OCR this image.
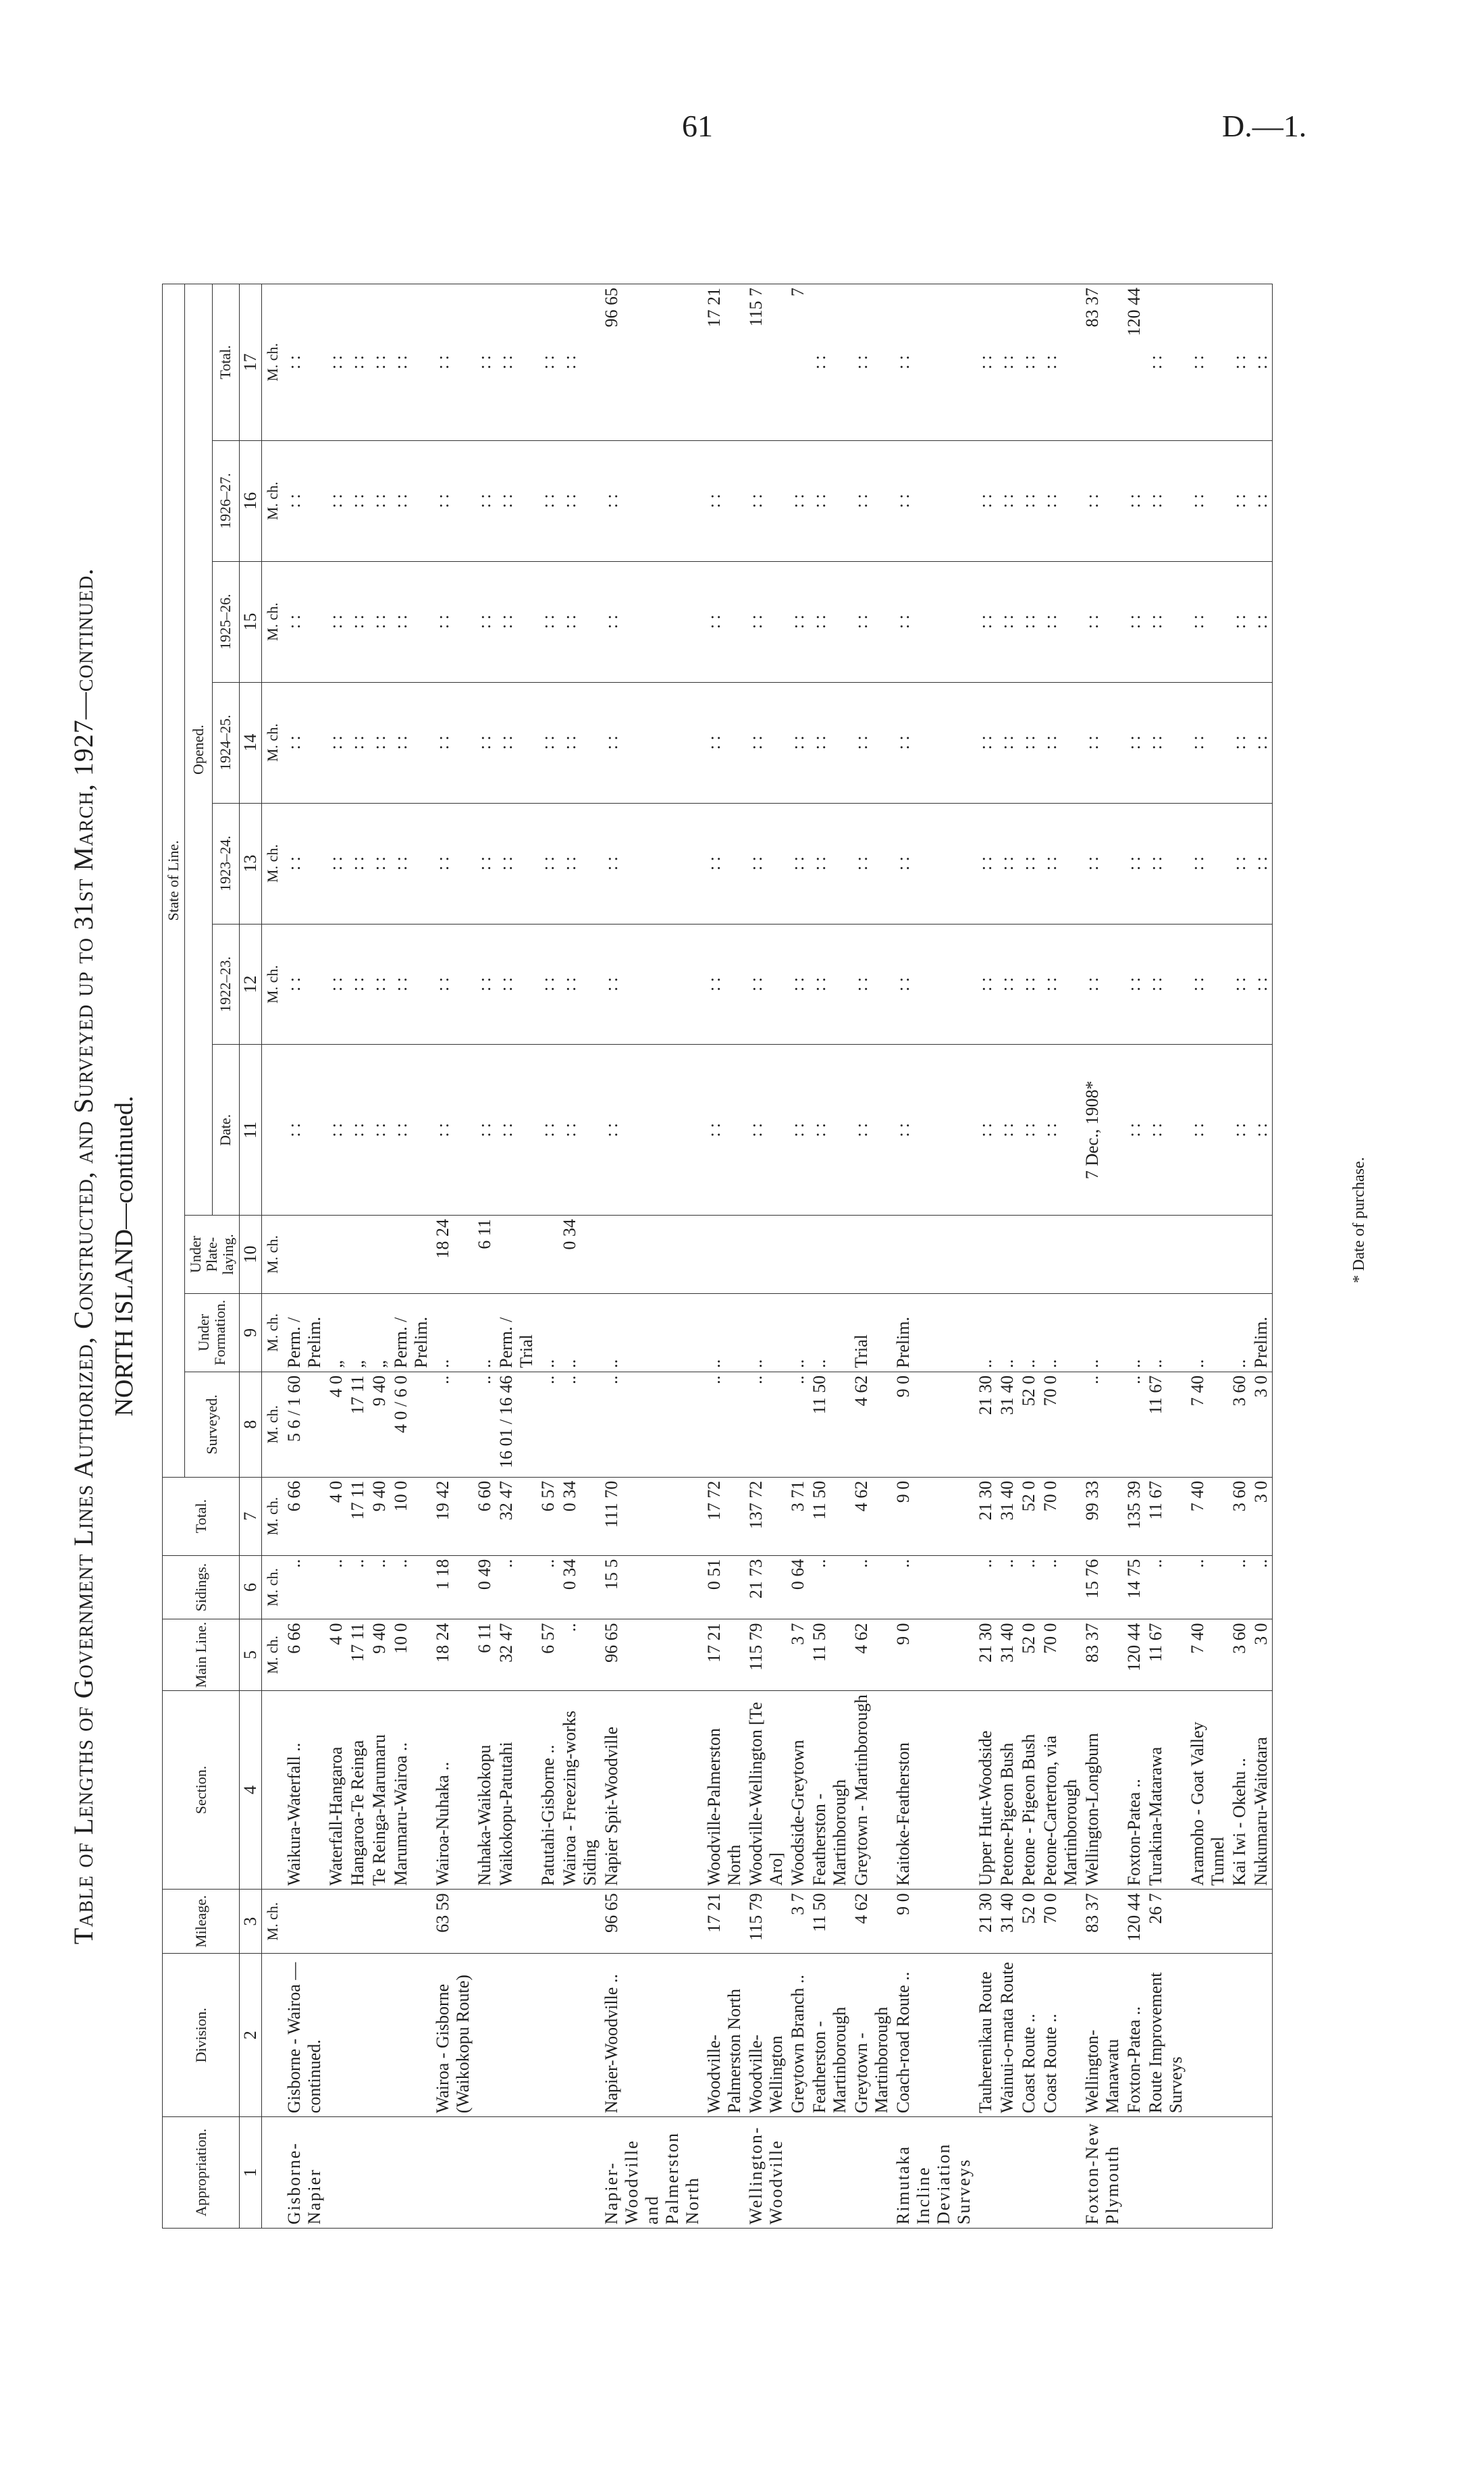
61	D.—1.
Table of Lengths of Government Lines Authorized, Constructed, and Surveyed up to 31st March, 1927—continued. NORTH ISLAND—continued.
Appropriation.	Division.	Mileage.	Section.	Main Line.	Sidings.	Total.	State of Line.									
							Surveyed.	Under Formation.	Under Plate-laying.	Opened.						
										Date.	1922–23.	1923–24.	1924–25.	1925–26.	1926–27.	Total.
1	2	3	4	5	6	7	8	9	10	11	12	13	14	15	16	17
		M. ch.		M. ch.	M. ch.	M. ch.	M. ch.	M. ch.	M. ch.		M. ch.	M. ch.	M. ch.	M. ch.	M. ch.	M. ch.
Gisborne-Napier	Gisborne - Wairoa — continued.		Waikura-Waterfall ..	6 66	..	6 66	5 6 / 1 60	Perm. / Prelim.		: :	: :	: :	: :	: :	: :	: :
			Waterfall-Hangaroa	4 0	..	4 0	4 0	„		: :	: :	: :	: :	: :	: :	: :
			Hangaroa-Te Reinga	17 11	..	17 11	17 11	„		: :	: :	: :	: :	: :	: :	: :
			Te Reinga-Marumaru	9 40	..	9 40	9 40	„		: :	: :	: :	: :	: :	: :	: :
			Marumaru-Wairoa ..	10 0	..	10 0	4 0 / 6 0	Perm. / Prelim.		: :	: :	: :	: :	: :	: :	: :
	Wairoa - Gisborne (Waikokopu Route)	63 59	Wairoa-Nuhaka ..	18 24	1 18	19 42	..	..	18 24	: :	: :	: :	: :	: :	: :	: :
			Nuhaka-Waikokopu	6 11	0 49	6 60	..	..	6 11	: :	: :	: :	: :	: :	: :	: :
			Waikokopu-Patutahi	32 47	..	32 47	16 01 / 16 46	Perm. / Trial		: :	: :	: :	: :	: :	: :	: :
			Patutahi-Gisborne ..	6 57	..	6 57	..	..		: :	: :	: :	: :	: :	: :	: :
			Wairoa - Freezing-works Siding	..	0 34	0 34	..	..	0 34	: :	: :	: :	: :	: :	: :	: :
Napier-Woodville and Palmerston North	Napier-Woodville ..	96 65	Napier Spit-Woodville	96 65	15 5	111 70	..	..		: :	: :	: :	: :	: :	: :	96 65
	Woodville-Palmerston North	17 21	Woodville-Palmerston North	17 21	0 51	17 72	..	..		: :	: :	: :	: :	: :	: :	17 21
Wellington-Woodville	Woodville-Wellington	115 79	Woodville-Wellington [Te Aro]	115 79	21 73	137 72	..	..		: :	: :	: :	: :	: :	: :	115 7
	Greytown Branch ..	3 7	Woodside-Greytown	3 7	0 64	3 71	..	..		: :	: :	: :	: :	: :	: :	7
	Featherston - Martinborough	11 50	Featherston - Martinborough	11 50	..	11 50	11 50	..		: :	: :	: :	: :	: :	: :	: :
	Greytown - Martinborough	4 62	Greytown - Martinborough	4 62	..	4 62	4 62	Trial		: :	: :	: :	: :	: :	: :	: :
Rimutaka Incline Deviation Surveys	Coach-road Route ..	9 0	Kaitoke-Featherston	9 0	..	9 0	9 0	Prelim.		: :	: :	: :	: :	: :	: :	: :
	Tauherenikau Route	21 30	Upper Hutt-Woodside	21 30	..	21 30	21 30	..		: :	: :	: :	: :	: :	: :	: :
	Wainui-o-mata Route	31 40	Petone-Pigeon Bush	31 40	..	31 40	31 40	..		: :	: :	: :	: :	: :	: :	: :
	Coast Route ..	52 0	Petone - Pigeon Bush	52 0	..	52 0	52 0	..		: :	: :	: :	: :	: :	: :	: :
	Coast Route ..	70 0	Petone-Carterton, via Martinborough	70 0	..	70 0	70 0	..		: :	: :	: :	: :	: :	: :	: :
Foxton-New Plymouth	Wellington-Manawatu	83 37	Wellington-Longburn	83 37	15 76	99 33	..	..		7 Dec., 1908*	: :	: :	: :	: :	: :	83 37
	Foxton-Patea ..	120 44	Foxton-Patea ..	120 44	14 75	135 39	..	..		: :	: :	: :	: :	: :	: :	120 44
	Route Improvement Surveys	26 7	Turakina-Matarawa	11 67	..	11 67	11 67	..		: :	: :	: :	: :	: :	: :	: :
			Aramoho - Goat Valley Tunnel	7 40	..	7 40	7 40	..		: :	: :	: :	: :	: :	: :	: :
			Kai Iwi - Okehu ..	3 60	..	3 60	3 60	..		: :	: :	: :	: :	: :	: :	: :
			Nukumaru-Waitotara	3 0	..	3 0	3 0	Prelim.		: :	: :	: :	: :	: :	: :	: :
* Date of purchase.
